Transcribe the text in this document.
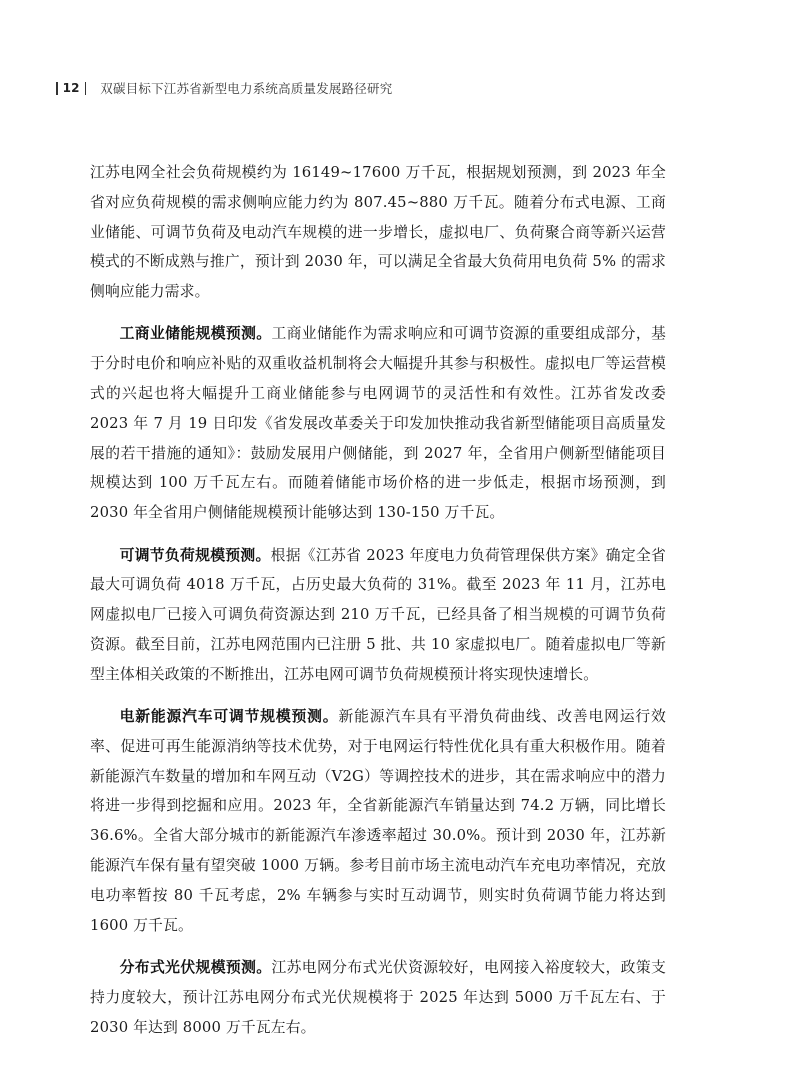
12 双碳目标下江苏省新型电力系统高质量发展路径研究

江苏电网全社会负荷规模约为 16149~17600 万千瓦，根据规划预测，到 2023 年全省对应负荷规模的需求侧响应能力约为 807.45~880 万千瓦。随着分布式电源、工商业储能、可调节负荷及电动汽车规模的进一步增长，虚拟电厂、负荷聚合商等新兴运营模式的不断成熟与推广，预计到 2030 年，可以满足全省最大负荷用电负荷 5% 的需求侧响应能力需求。

工商业储能规模预测。工商业储能作为需求响应和可调节资源的重要组成部分，基于分时电价和响应补贴的双重收益机制将会大幅提升其参与积极性。虚拟电厂等运营模式的兴起也将大幅提升工商业储能参与电网调节的灵活性和有效性。江苏省发改委 2023 年 7 月 19 日印发《省发展改革委关于印发加快推动我省新型储能项目高质量发展的若干措施的通知》：鼓励发展用户侧储能，到 2027 年，全省用户侧新型储能项目规模达到 100 万千瓦左右。而随着储能市场价格的进一步低走，根据市场预测，到 2030 年全省用户侧储能规模预计能够达到 130-150 万千瓦。

可调节负荷规模预测。根据《江苏省 2023 年度电力负荷管理保供方案》确定全省最大可调负荷 4018 万千瓦，占历史最大负荷的 31%。截至 2023 年 11 月，江苏电网虚拟电厂已接入可调负荷资源达到 210 万千瓦，已经具备了相当规模的可调节负荷资源。截至目前，江苏电网范围内已注册 5 批、共 10 家虚拟电厂。随着虚拟电厂等新型主体相关政策的不断推出，江苏电网可调节负荷规模预计将实现快速增长。

电新能源汽车可调节规模预测。新能源汽车具有平滑负荷曲线、改善电网运行效率、促进可再生能源消纳等技术优势，对于电网运行特性优化具有重大积极作用。随着新能源汽车数量的增加和车网互动（V2G）等调控技术的进步，其在需求响应中的潜力将进一步得到挖掘和应用。2023 年，全省新能源汽车销量达到 74.2 万辆，同比增长 36.6%。全省大部分城市的新能源汽车渗透率超过 30.0%。预计到 2030 年，江苏新能源汽车保有量有望突破 1000 万辆。参考目前市场主流电动汽车充电功率情况，充放电功率暂按 80 千瓦考虑，2% 车辆参与实时互动调节，则实时负荷调节能力将达到 1600 万千瓦。

分布式光伏规模预测。江苏电网分布式光伏资源较好，电网接入裕度较大，政策支持力度较大，预计江苏电网分布式光伏规模将于 2025 年达到 5000 万千瓦左右、于 2030 年达到 8000 万千瓦左右。
